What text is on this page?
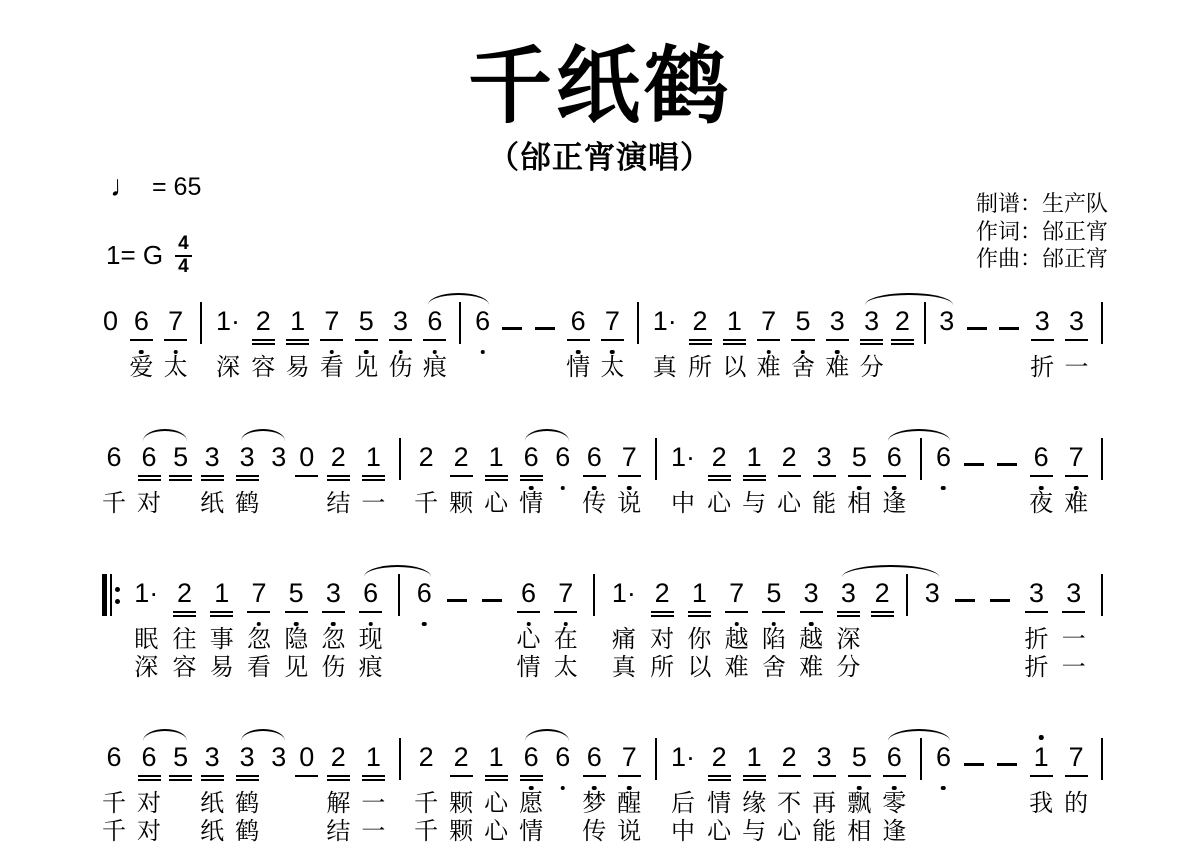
千纸鹤
（邰正宵演唱）
♩ = 65
1= G $\frac{4}{4}$
制谱：生产队
作词：邰正宵
作曲：邰正宵
0
6
爱
7
太

1·
深
2
容
1
易
7
看
5
见
3
伤
6
痕

6

	6
情
7
太

1·
真
2
所
1
以
7
难
5
舍
3
难
3
分
2

3

	3
折
3
一

6
千
6
对
5
3
纸
3
鹤
3
0
2
结
1
一

2
千
2
颗
1
心
6
情
6
6
传
7
说

1·
中
2
心
1
与
2
心
3
能
5
相
6
逢

6

	6
夜
7
难

1·
眠
深
2
往
容
1
事
易
7
忽
看
5
隐
见
3
忽
伤
6
现
痕

6

	6
心
情
7
在
太

1·
痛
真
2
对
所
1
你
以
7
越
难
5
陷
舍
3
越
难
3
深
分
2

3

	3
折
折
3
一
一

6
千
千
6
对
对
5

3
纸
纸
3
鹤
鹤
3

0

2
解
结
1
一
一

2
千
千
2
颗
颗
1
心
心
6
愿
情
6

6
梦
传
7
醒
说

1·
后
中
2
情
心
1
缘
与
2
不
心
3
再
能
5
飘
相
6
零
逢

6

	1
我

7
的
